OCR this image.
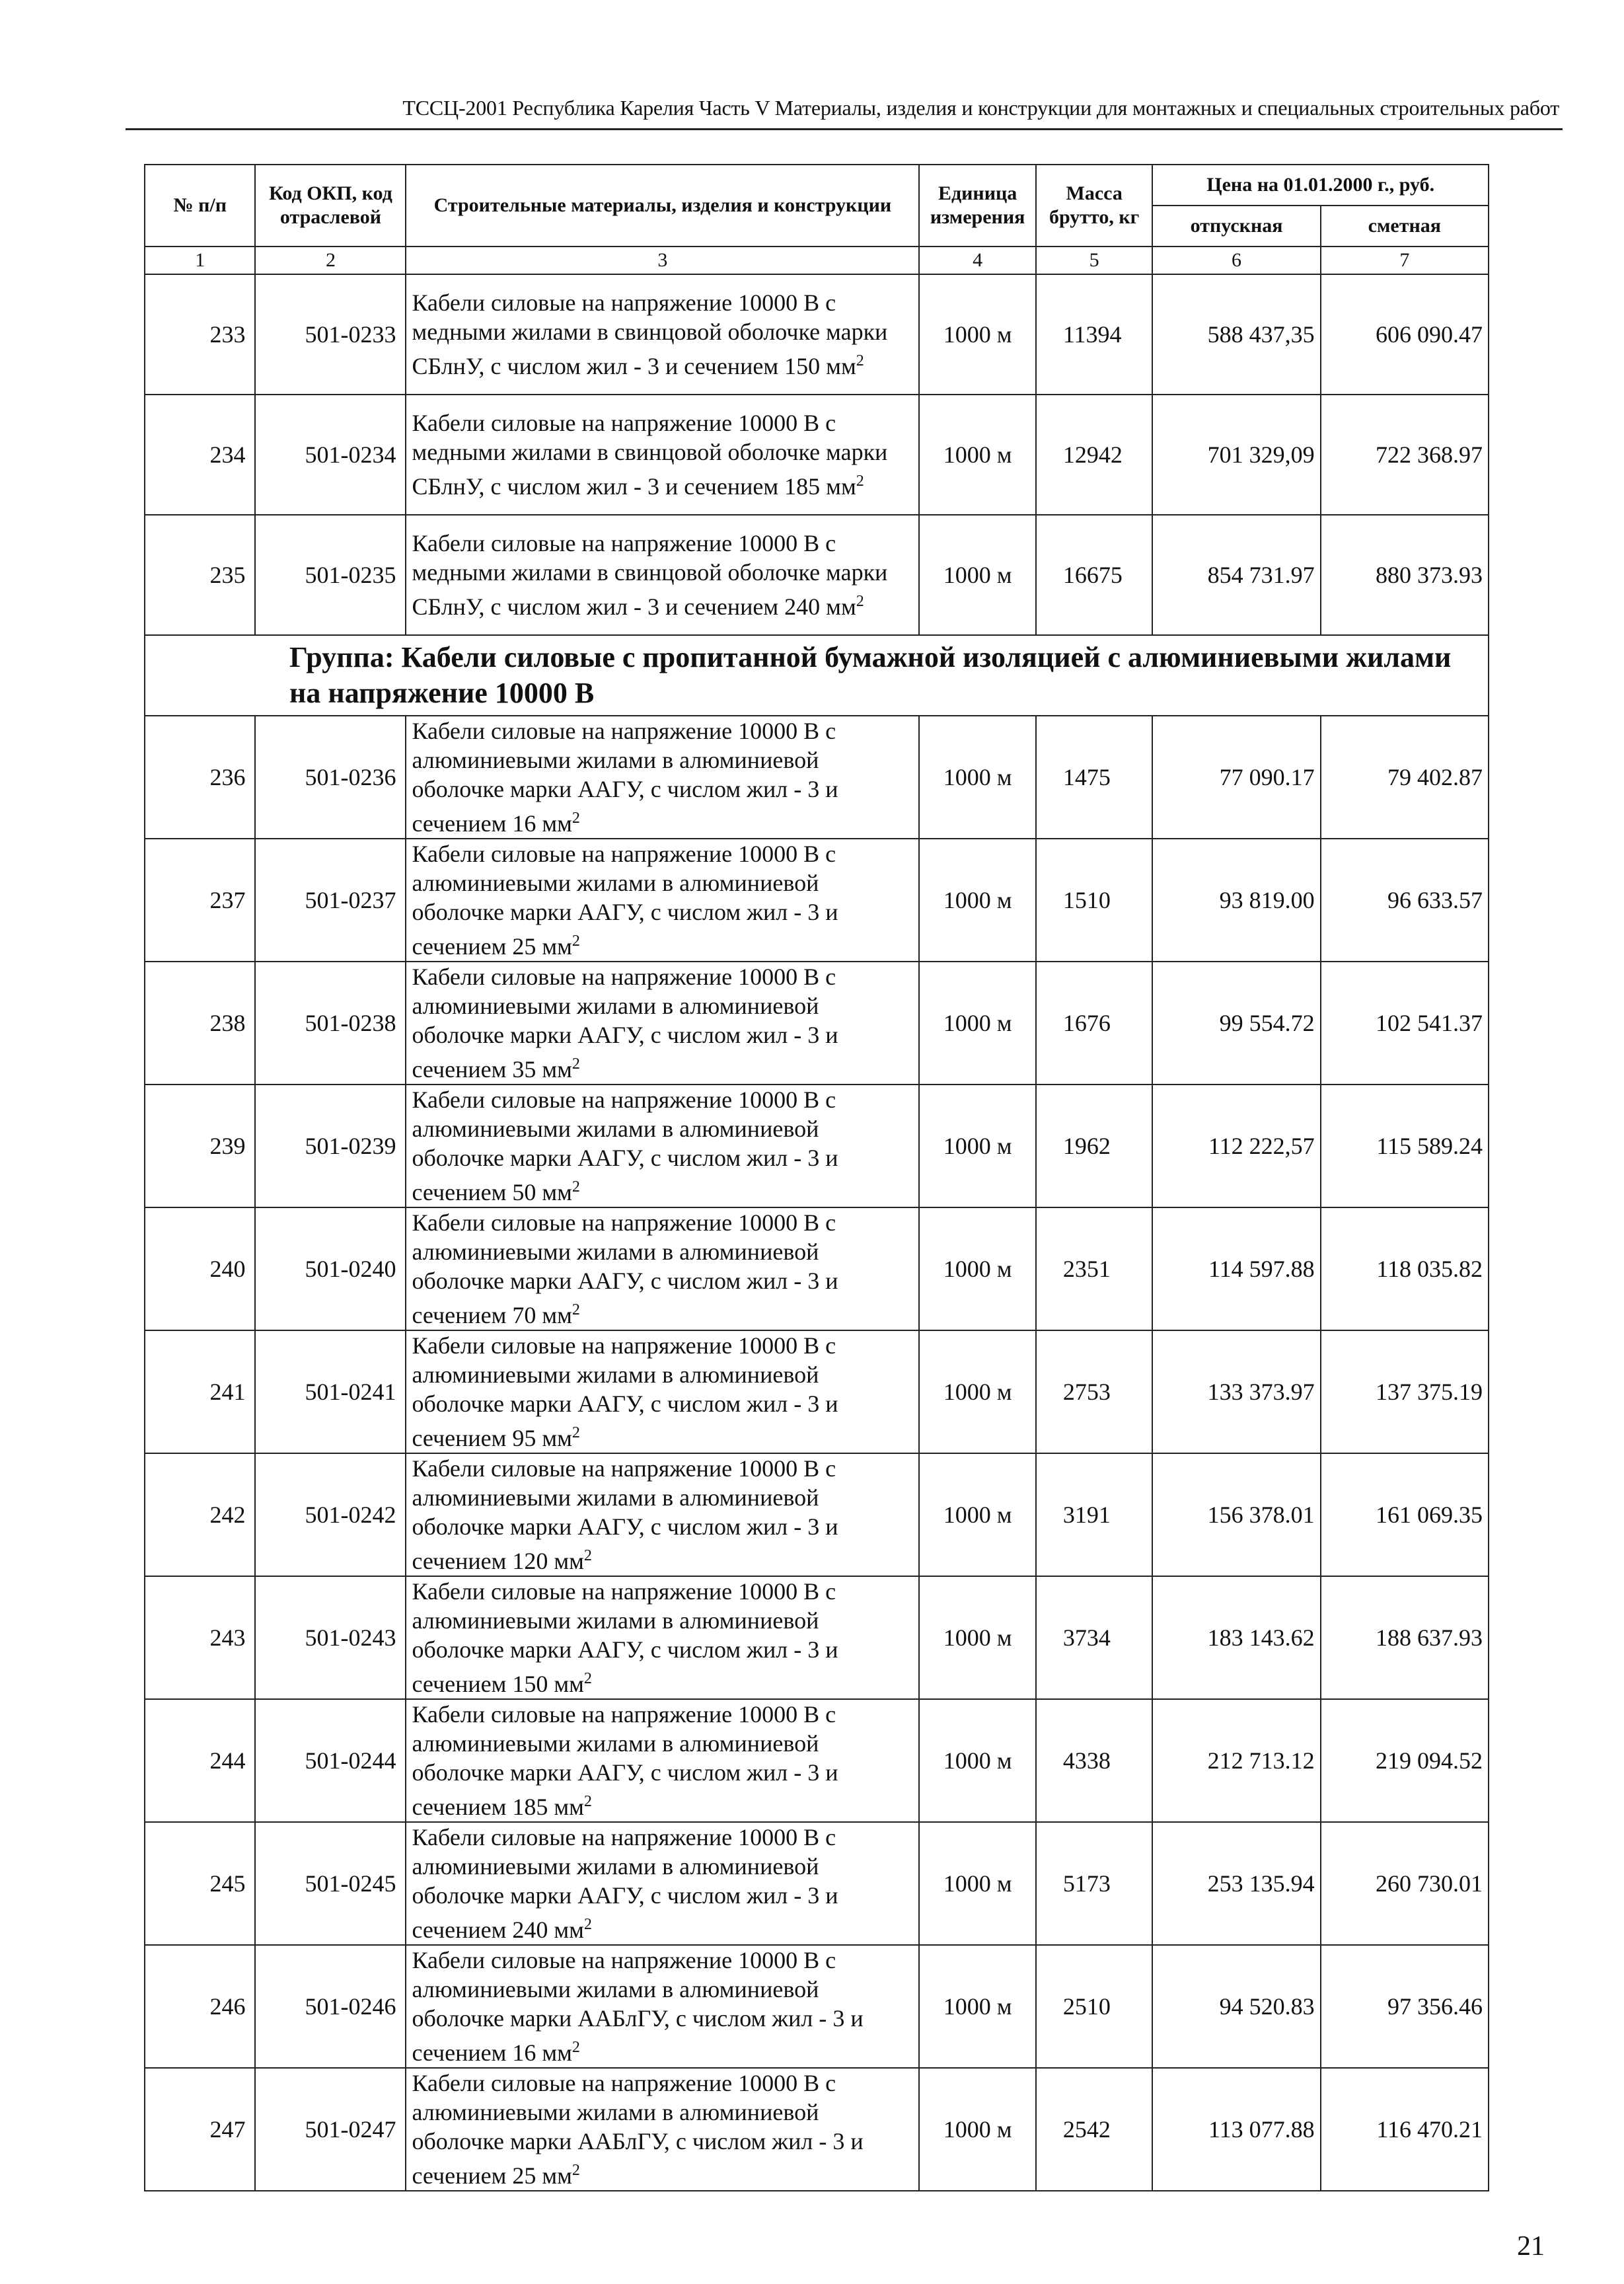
ТССЦ-2001 Республика Карелия Часть V Материалы, изделия и конструкции для монтажных и специальных строительных работ
№ п/п	Код ОКП, код отраслевой	Строительные материалы, изделия и конструкции	Единица измерения	Масса брутто, кг	Цена на 01.01.2000 г., руб.	
					отпускная	сметная
1	2	3	4	5	6	7
233	501-0233	Кабели силовые на напряжение 10000 В с медными жилами в свинцовой оболочке марки СБлнУ, с числом жил - 3 и сечением 150 $мм^2$	1000 м	11394	588 437,35	606 090.47
234	501-0234	Кабели силовые на напряжение 10000 В с медными жилами в свинцовой оболочке марки СБлнУ, с числом жил - 3 и сечением 185 $мм^2$	1000 м	12942	701 329,09	722 368.97
235	501-0235	Кабели силовые на напряжение 10000 В с медными жилами в свинцовой оболочке марки СБлнУ, с числом жил - 3 и сечением 240 $мм^2$	1000 м	16675	854 731.97	880 373.93
Группа: Кабели силовые с пропитанной бумажной изоляцией с алюминиевыми жилами на напряжение 10000 В						
236	501-0236	Кабели силовые на напряжение 10000 В с алюминиевыми жилами в алюминиевой оболочке марки ААГУ, с числом жил - 3 и сечением 16 $мм^2$	1000 м	1475	77 090.17	79 402.87
237	501-0237	Кабели силовые на напряжение 10000 В с алюминиевыми жилами в алюминиевой оболочке марки ААГУ, с числом жил - 3 и сечением 25 $мм^2$	1000 м	1510	93 819.00	96 633.57
238	501-0238	Кабели силовые на напряжение 10000 В с алюминиевыми жилами в алюминиевой оболочке марки ААГУ, с числом жил - 3 и сечением 35 $мм^2$	1000 м	1676	99 554.72	102 541.37
239	501-0239	Кабели силовые на напряжение 10000 В с алюминиевыми жилами в алюминиевой оболочке марки ААГУ, с числом жил - 3 и сечением 50 $мм^2$	1000 м	1962	112 222,57	115 589.24
240	501-0240	Кабели силовые на напряжение 10000 В с алюминиевыми жилами в алюминиевой оболочке марки ААГУ, с числом жил - 3 и сечением 70 $мм^2$	1000 м	2351	114 597.88	118 035.82
241	501-0241	Кабели силовые на напряжение 10000 В с алюминиевыми жилами в алюминиевой оболочке марки ААГУ, с числом жил - 3 и сечением 95 $мм^2$	1000 м	2753	133 373.97	137 375.19
242	501-0242	Кабели силовые на напряжение 10000 В с алюминиевыми жилами в алюминиевой оболочке марки ААГУ, с числом жил - 3 и сечением 120 $мм^2$	1000 м	3191	156 378.01	161 069.35
243	501-0243	Кабели силовые на напряжение 10000 В с алюминиевыми жилами в алюминиевой оболочке марки ААГУ, с числом жил - 3 и сечением 150 $мм^2$	1000 м	3734	183 143.62	188 637.93
244	501-0244	Кабели силовые на напряжение 10000 В с алюминиевыми жилами в алюминиевой оболочке марки ААГУ, с числом жил - 3 и сечением 185 $мм^2$	1000 м	4338	212 713.12	219 094.52
245	501-0245	Кабели силовые на напряжение 10000 В с алюминиевыми жилами в алюминиевой оболочке марки ААГУ, с числом жил - 3 и сечением 240 $мм^2$	1000 м	5173	253 135.94	260 730.01
246	501-0246	Кабели силовые на напряжение 10000 В с алюминиевыми жилами в алюминиевой оболочке марки ААБлГУ, с числом жил - 3 и сечением 16 $мм^2$	1000 м	2510	94 520.83	97 356.46
247	501-0247	Кабели силовые на напряжение 10000 В с алюминиевыми жилами в алюминиевой оболочке марки ААБлГУ, с числом жил - 3 и сечением 25 $мм^2$	1000 м	2542	113 077.88	116 470.21
21
